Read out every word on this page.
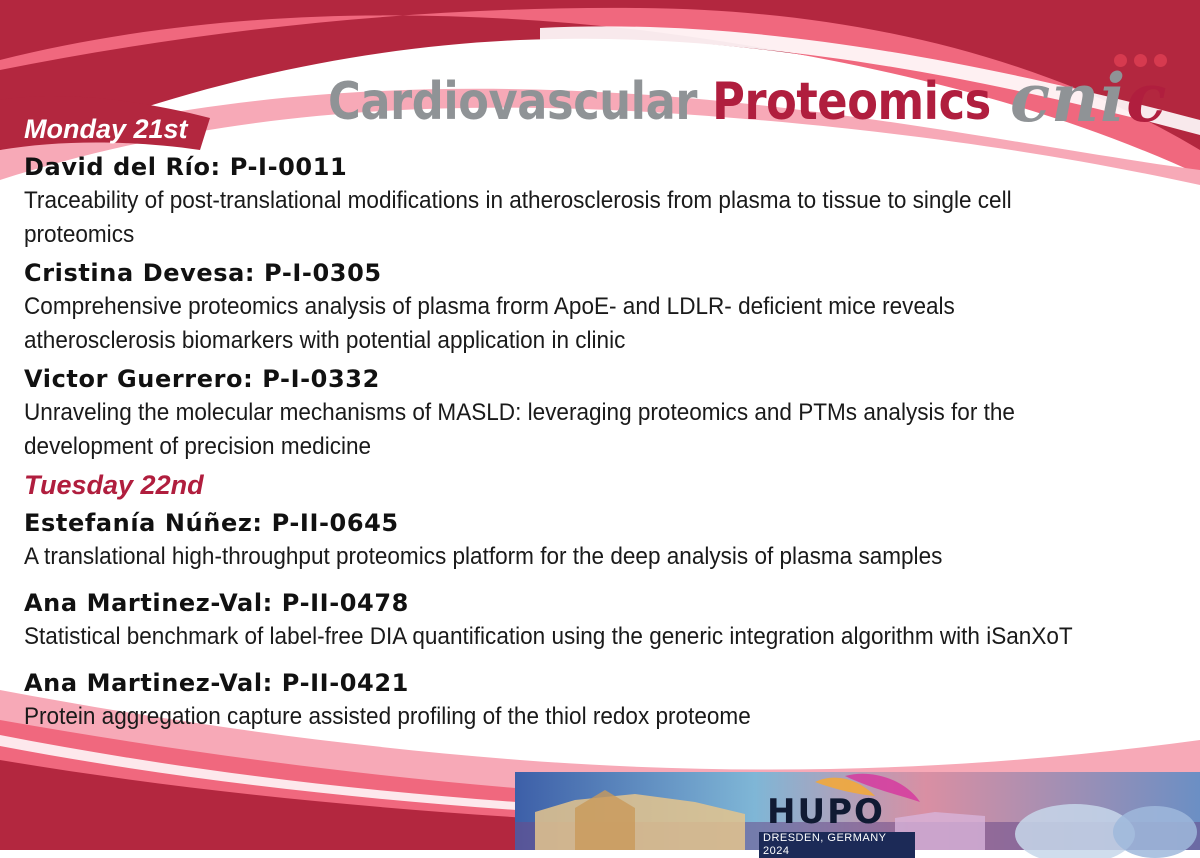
Cardiovascular Proteomics cnic

Monday 21st

David del Río: P-I-0011

Traceability of post-translational modifications in atherosclerosis from plasma to tissue to single cell

proteomics

Cristina Devesa: P-I-0305

Comprehensive proteomics analysis of plasma frorm ApoE- and LDLR- deficient mice reveals

atherosclerosis biomarkers with potential application in clinic

Victor Guerrero: P-I-0332

Unraveling the molecular mechanisms of MASLD: leveraging proteomics and PTMs analysis for the

development of precision medicine

Tuesday 22nd

Estefanía Núñez: P-II-0645

A translational high-throughput proteomics platform for the deep analysis of plasma samples

Ana Martinez-Val: P-II-0478

Statistical benchmark of label-free DIA quantification using the generic integration algorithm with iSanXoT

Ana Martinez-Val: P-II-0421

Protein aggregation capture assisted profiling of the thiol redox proteome

HUPO
DRESDEN, GERMANY 2024
